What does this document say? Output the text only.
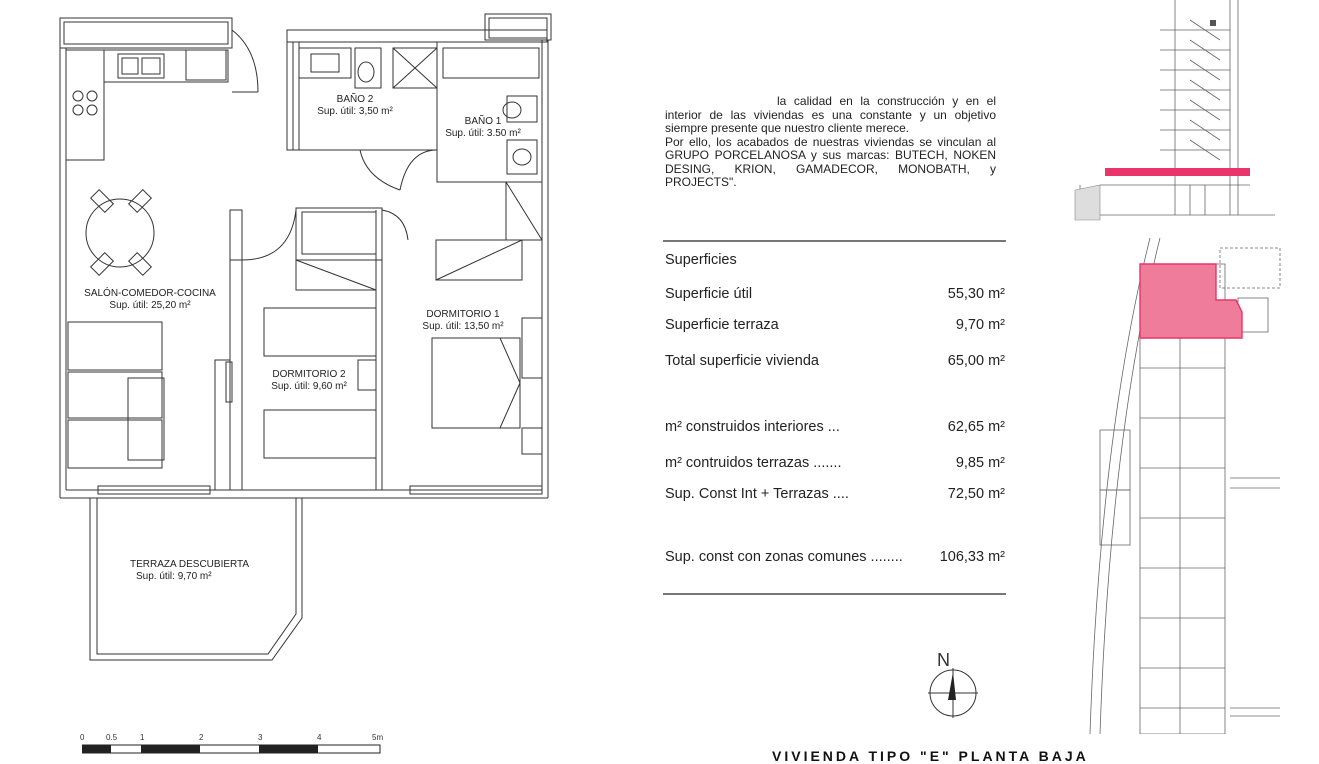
BAÑO 2
Sup. útil: 3,50 m²
BAÑO 1
Sup. útil: 3.50 m²
SALÓN-COMEDOR-COCINA
Sup. útil: 25,20 m²
DORMITORIO 1
Sup. útil: 13,50 m²
DORMITORIO 2
Sup. útil: 9,60 m²
TERRAZA DESCUBIERTA
Sup. útil: 9,70 m²

la calidad en la construcción y en el interior de las viviendas es una constante y un objetivo siempre presente que nuestro cliente merece.

Por ello, los acabados de nuestras viviendas se vinculan al GRUPO PORCELANOSA y sus marcas: BUTECH, NOKEN DESING, KRION, GAMADECOR, MONOBATH, y PROJECTS".

Superficies
Superficie útil	55,30 m²
Superficie terraza	9,70 m²
Total superficie vivienda	65,00 m²
m² construidos interiores ...	62,65 m²
m² contruidos terrazas .......	9,85 m²
Sup. Const Int + Terrazas ....	72,50 m²
Sup. const con zonas comunes ........	106,33 m²
N
0	0.5	1	2	3	4	5m
VIVIENDA TIPO "E" PLANTA BAJA
